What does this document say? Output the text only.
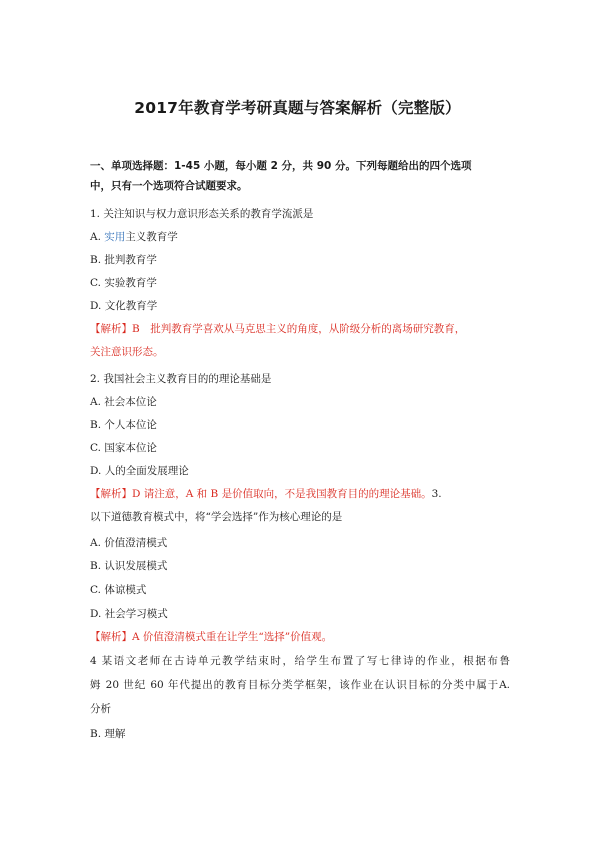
2017年教育学考研真题与答案解析（完整版）
一、单项选择题：1-45 小题，每小题 2 分，共 90 分。下列每题给出的四个选项
中，只有一个选项符合试题要求。
1. 关注知识与权力意识形态关系的教育学流派是
A. 实用主义教育学
B. 批判教育学
C. 实验教育学
D. 文化教育学
【解析】B　批判教育学喜欢从马克思主义的角度，从阶级分析的离场研究教育，
关注意识形态。
2. 我国社会主义教育目的的理论基础是
A. 社会本位论
B. 个人本位论
C. 国家本位论
D. 人的全面发展理论
【解析】D 请注意，A 和 B 是价值取向，不是我国教育目的的理论基础。3.
以下道德教育模式中，将“学会选择”作为核心理论的是
A. 价值澄清模式
B. 认识发展模式
C. 体谅模式
D. 社会学习模式
【解析】A 价值澄清模式重在让学生“选择”价值观。
4 某语文老师在古诗单元教学结束时，给学生布置了写七律诗的作业，根据布鲁
姆 20 世纪 60 年代提出的教育目标分类学框架，该作业在认识目标的分类中属于A.
分析
B. 理解
